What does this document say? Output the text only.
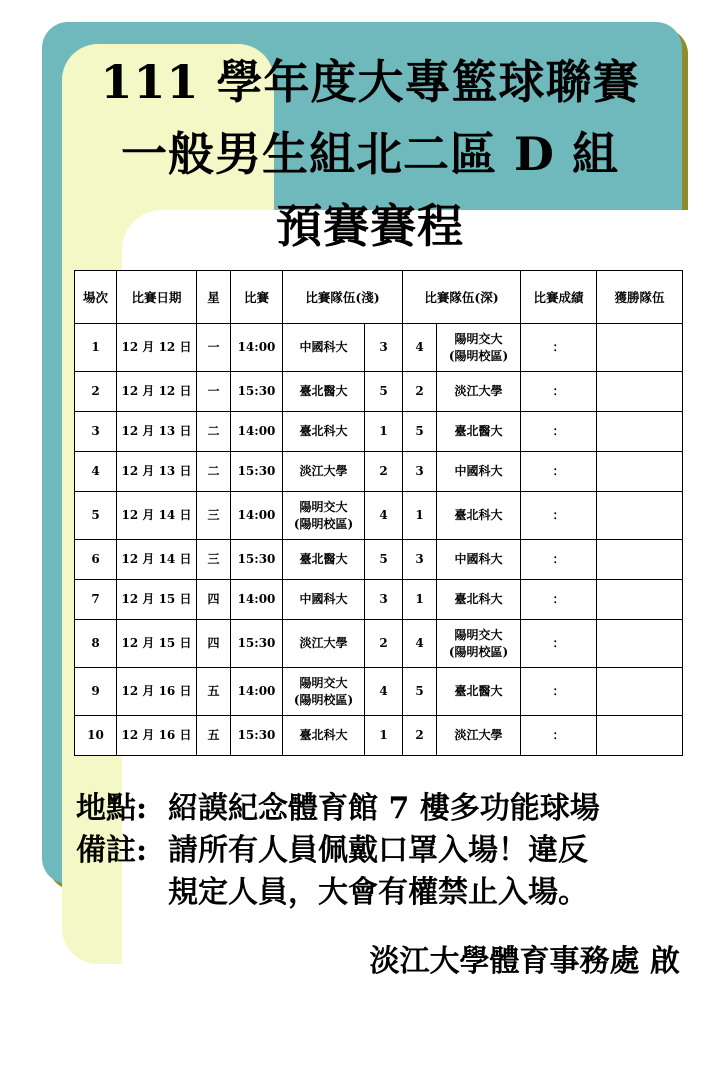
111 學年度大專籃球聯賽
一般男生組北二區 D 組
預賽賽程
場次	比賽日期	星	比賽	比賽隊伍(淺)		比賽隊伍(深)		比賽成績	獲勝隊伍
1	12 月 12 日	一	14:00	中國科大	3	4	陽明交大
(陽明校區)	：	
2	12 月 12 日	一	15:30	臺北醫大	5	2	淡江大學	：	
3	12 月 13 日	二	14:00	臺北科大	1	5	臺北醫大	：	
4	12 月 13 日	二	15:30	淡江大學	2	3	中國科大	：	
5	12 月 14 日	三	14:00	陽明交大
(陽明校區)	4	1	臺北科大	：	
6	12 月 14 日	三	15:30	臺北醫大	5	3	中國科大	：	
7	12 月 15 日	四	14:00	中國科大	3	1	臺北科大	：	
8	12 月 15 日	四	15:30	淡江大學	2	4	陽明交大
(陽明校區)	：	
9	12 月 16 日	五	14:00	陽明交大
(陽明校區)	4	5	臺北醫大	：	
10	12 月 16 日	五	15:30	臺北科大	1	2	淡江大學	：	
地點: 紹謨紀念體育館 7 樓多功能球場
備註: 請所有人員佩戴口罩入場！違反
規定人員，大會有權禁止入場。
淡江大學體育事務處 啟
